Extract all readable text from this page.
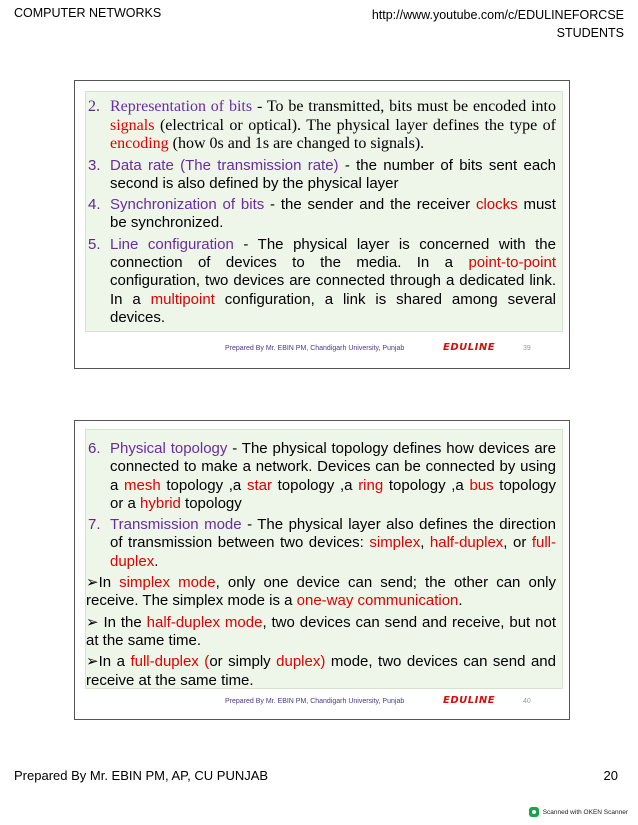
COMPUTER NETWORKS	http://www.youtube.com/c/EDULINEFORCSE
STUDENTS
2. Representation of bits - To be transmitted, bits must be encoded into signals (electrical or optical). The physical layer defines the type of encoding (how 0s and 1s are changed to signals).
3. Data rate (The transmission rate) - the number of bits sent each second is also defined by the physical layer
4. Synchronization of bits - the sender and the receiver clocks must be synchronized.
5. Line configuration - The physical layer is concerned with the connection of devices to the media. In a point-to-point configuration, two devices are connected through a dedicated link. In a multipoint configuration, a link is shared among several devices.
Prepared By Mr. EBIN PM, Chandigarh University, Punjab	EDULINE	39
6. Physical topology - The physical topology defines how devices are connected to make a network. Devices can be connected by using a mesh topology ,a star topology ,a ring topology ,a bus topology or a hybrid topology
7. Transmission mode - The physical layer also defines the direction of transmission between two devices: simplex, half-duplex, or full-duplex.
➢In simplex mode, only one device can send; the other can only receive. The simplex mode is a one-way communication.
➢ In the half-duplex mode, two devices can send and receive, but not at the same time.
➢In a full-duplex (or simply duplex) mode, two devices can send and receive at the same time.
Prepared By Mr. EBIN PM, Chandigarh University, Punjab	EDULINE	40
Prepared By Mr. EBIN PM, AP, CU PUNJAB	20
Scanned with OKEN Scanner
